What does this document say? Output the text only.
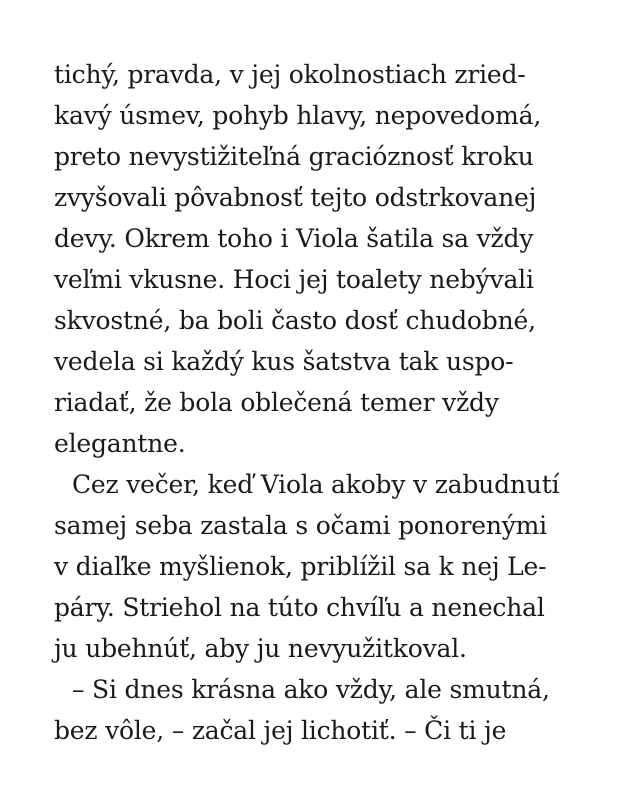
tichý, pravda, v jej okolnostiach zried-
kavý úsmev, pohyb hlavy, nepovedomá,
preto nevystižiteľná gracióznosť kroku
zvyšovali pôvabnosť tejto odstrkovanej
devy. Okrem toho i Viola šatila sa vždy
veľmi vkusne. Hoci jej toalety nebývali
skvostné, ba boli často dosť chudobné,
vedela si každý kus šatstva tak uspo-
riadať, že bola oblečená temer vždy
elegantne.
Cez večer, keď Viola akoby v zabudnutí
samej seba zastala s očami ponorenými
v diaľke myšlienok, priblížil sa k nej Le-
páry. Striehol na túto chvíľu a nenechal
ju ubehnúť, aby ju nevyužitkoval.
– Si dnes krásna ako vždy, ale smutná,
bez vôle, – začal jej lichotiť. – Či ti je
